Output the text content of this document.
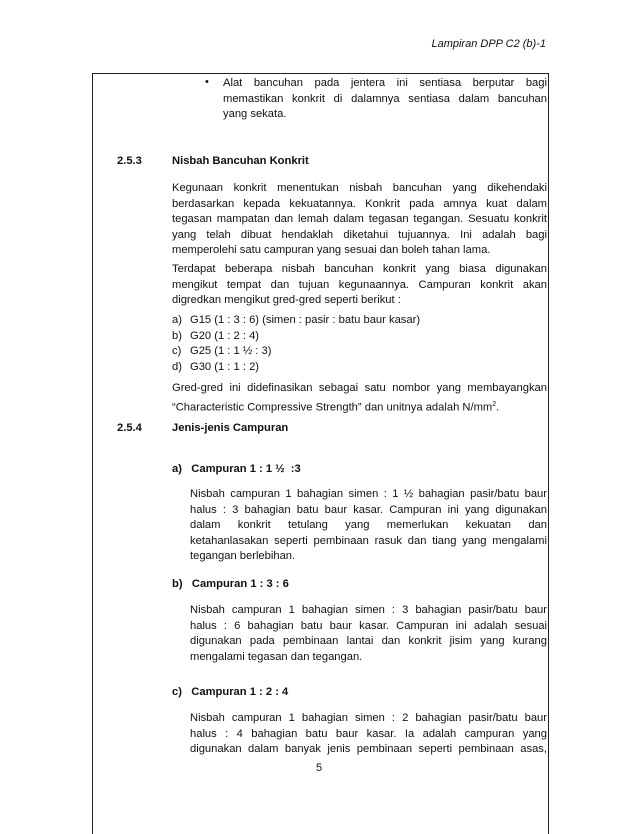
Lampiran DPP C2 (b)-1
• Alat bancuhan pada jentera ini sentiasa berputar bagi
memastikan konkrit di dalamnya sentiasa dalam bancuhan
yang sekata.
2.5.3	Nisbah Bancuhan Konkrit
Kegunaan konkrit menentukan nisbah bancuhan yang dikehendaki
berdasarkan kepada kekuatannya. Konkrit pada amnya kuat dalam
tegasan mampatan dan lemah dalam tegasan tegangan. Sesuatu konkrit
yang telah dibuat hendaklah diketahui tujuannya. Ini adalah bagi
memperolehi satu campuran yang sesuai dan boleh tahan lama.
Terdapat beberapa nisbah bancuhan konkrit yang biasa digunakan
mengikut tempat dan tujuan kegunaannya. Campuran konkrit akan
digredkan mengikut gred-gred seperti berikut :
a) G15 (1 : 3 : 6) (simen : pasir : batu baur kasar)
b) G20 (1 : 2 : 4)
c) G25 (1 : 1 ½ : 3)
d) G30 (1 : 1 : 2)
Gred-gred ini didefinasikan sebagai satu nombor yang membayangkan
“Characteristic Compressive Strength” dan unitnya adalah $N/mm^2$.
2.5.4	Jenis-jenis Campuran
a)   Campuran 1 : 1 ½  :3
Nisbah campuran 1 bahagian simen : 1 ½ bahagian pasir/batu baur
halus : 3 bahagian batu baur kasar. Campuran ini yang digunakan
dalam konkrit tetulang yang memerlukan kekuatan dan
ketahanlasakan seperti pembinaan rasuk dan tiang yang mengalami
tegangan berlebihan.
b)   Campuran 1 : 3 : 6
Nisbah campuran 1 bahagian simen : 3 bahagian pasir/batu baur
halus : 6 bahagian batu baur kasar. Campuran ini adalah sesuai
digunakan pada pembinaan lantai dan konkrit jisim yang kurang
mengalami tegasan dan tegangan.
c)   Campuran 1 : 2 : 4
Nisbah campuran 1 bahagian simen : 2 bahagian pasir/batu baur
halus : 4 bahagian batu baur kasar. Ia adalah campuran yang
digunakan dalam banyak jenis pembinaan seperti pembinaan asas,
5
